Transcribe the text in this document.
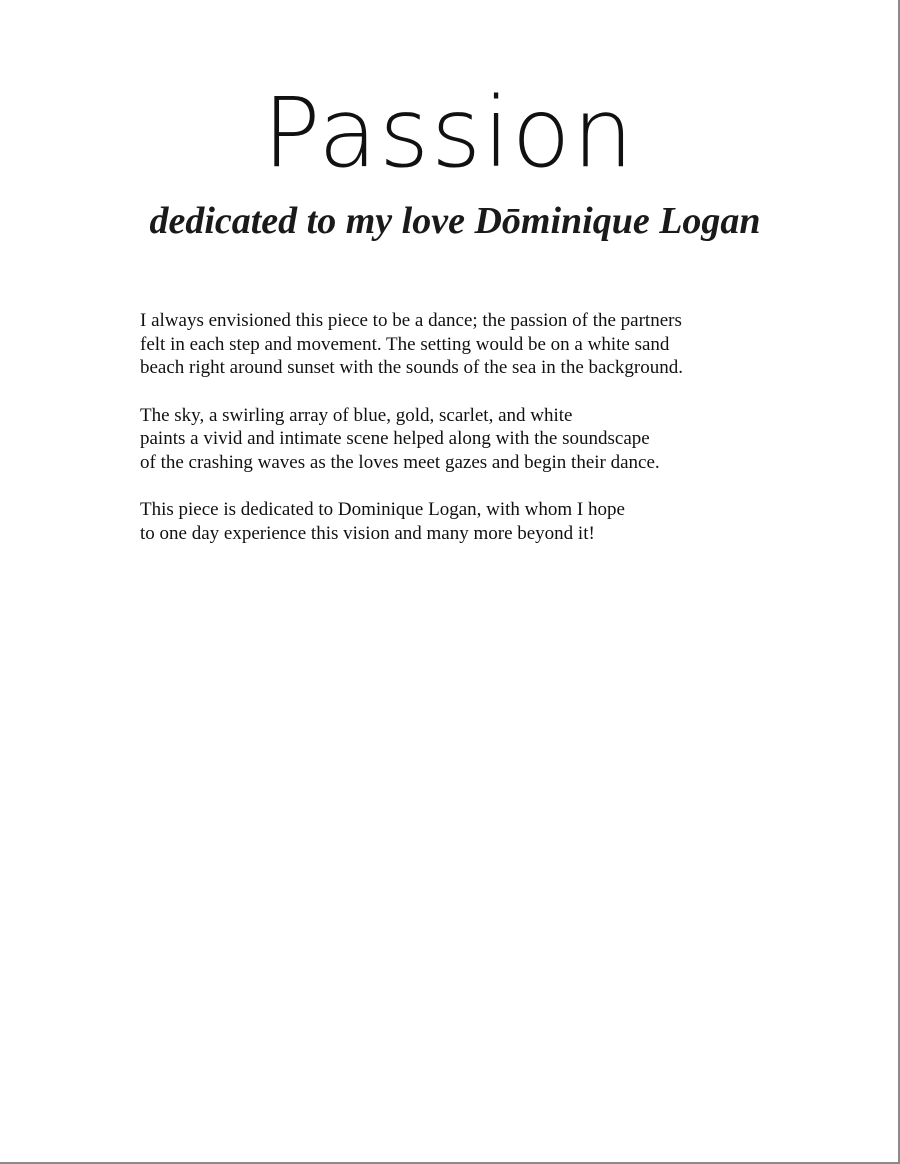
Passion
dedicated to my love Dōminique Logan

I always envisioned this piece to be a dance; the passion of the partners
felt in each step and movement. The setting would be on a white sand
beach right around sunset with the sounds of the sea in the background.

The sky, a swirling array of blue, gold, scarlet, and white
paints a vivid and intimate scene helped along with the soundscape
of the crashing waves as the loves meet gazes and begin their dance.

This piece is dedicated to Dominique Logan, with whom I hope
to one day experience this vision and many more beyond it!
